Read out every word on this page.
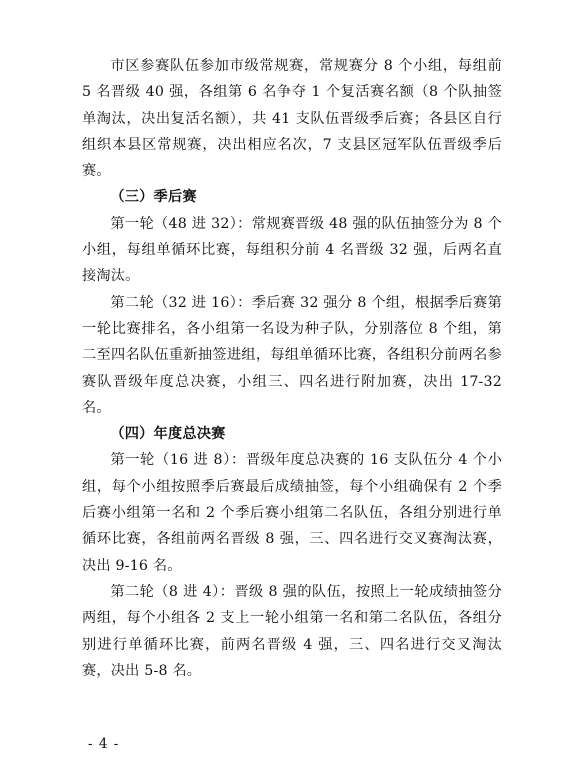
市区参赛队伍参加市级常规赛，常规赛分 8 个小组，每组前 5 名晋级 40 强，各组第 6 名争夺 1 个复活赛名额（8 个队抽签单淘汰，决出复活名额），共 41 支队伍晋级季后赛；各县区自行组织本县区常规赛，决出相应名次，7 支县区冠军队伍晋级季后赛。

（三）季后赛

第一轮（48 进 32）：常规赛晋级 48 强的队伍抽签分为 8 个小组，每组单循环比赛，每组积分前 4 名晋级 32 强，后两名直接淘汰。

第二轮（32 进 16）：季后赛 32 强分 8 个组，根据季后赛第一轮比赛排名，各小组第一名设为种子队，分别落位 8 个组，第二至四名队伍重新抽签进组，每组单循环比赛，各组积分前两名参赛队晋级年度总决赛，小组三、四名进行附加赛，决出 17-32 名。

（四）年度总决赛

第一轮（16 进 8）：晋级年度总决赛的 16 支队伍分 4 个小组，每个小组按照季后赛最后成绩抽签，每个小组确保有 2 个季后赛小组第一名和 2 个季后赛小组第二名队伍，各组分别进行单循环比赛，各组前两名晋级 8 强，三、四名进行交叉赛淘汰赛，决出 9-16 名。

第二轮（8 进 4）：晋级 8 强的队伍，按照上一轮成绩抽签分两组，每个小组各 2 支上一轮小组第一名和第二名队伍，各组分别进行单循环比赛，前两名晋级 4 强，三、四名进行交叉淘汰赛，决出 5-8 名。

- 4 -
